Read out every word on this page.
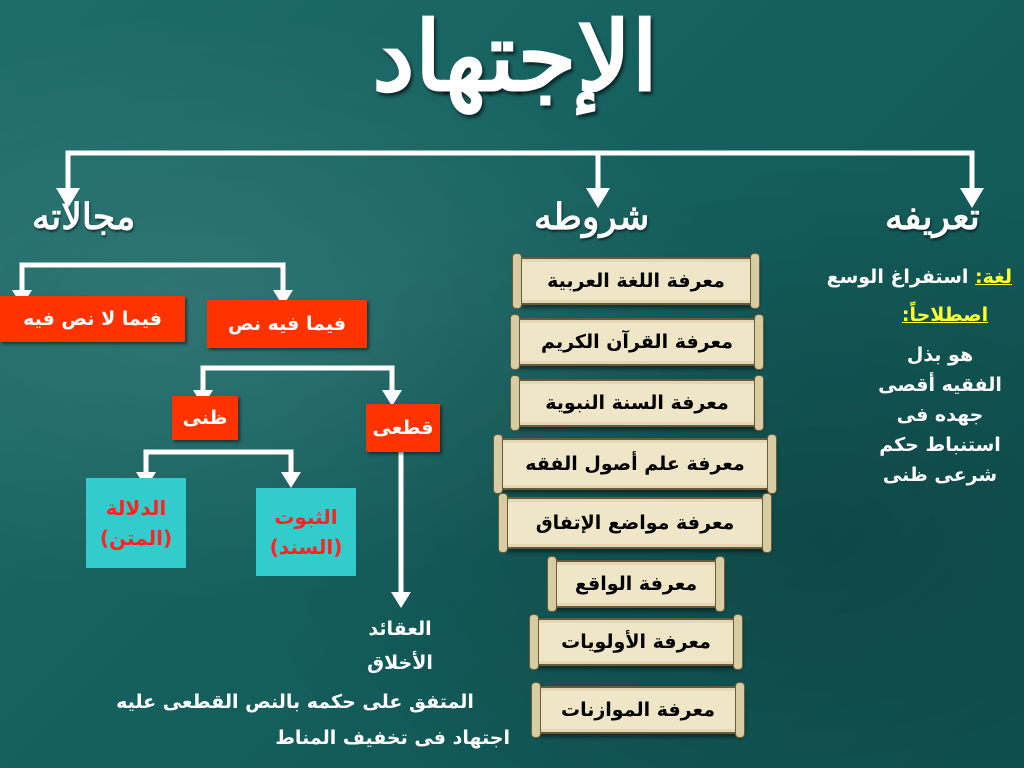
الإجتهاد
تعريفه
شروطه
مجالاته
لغة: استفراغ الوسع
اصطلاحاً:
هو بذل
الفقيه أقصى
جهده فى
استنباط حكم
شرعى ظنى
معرفة اللغة العربية
معرفة القرآن الكريم
معرفة السنة النبوية
معرفة علم أصول الفقه
معرفة مواضع الإتفاق
معرفة الواقع
معرفة الأولويات
معرفة الموازنات
فيما لا نص فيه	فيما فيه نص
ظنى	قطعى
الدلالة
(المتن)
الثبوت
(السند)
العقائد
الأخلاق
المتفق على حكمه بالنص القطعى عليه
اجتهاد فى تخفيف المناط
